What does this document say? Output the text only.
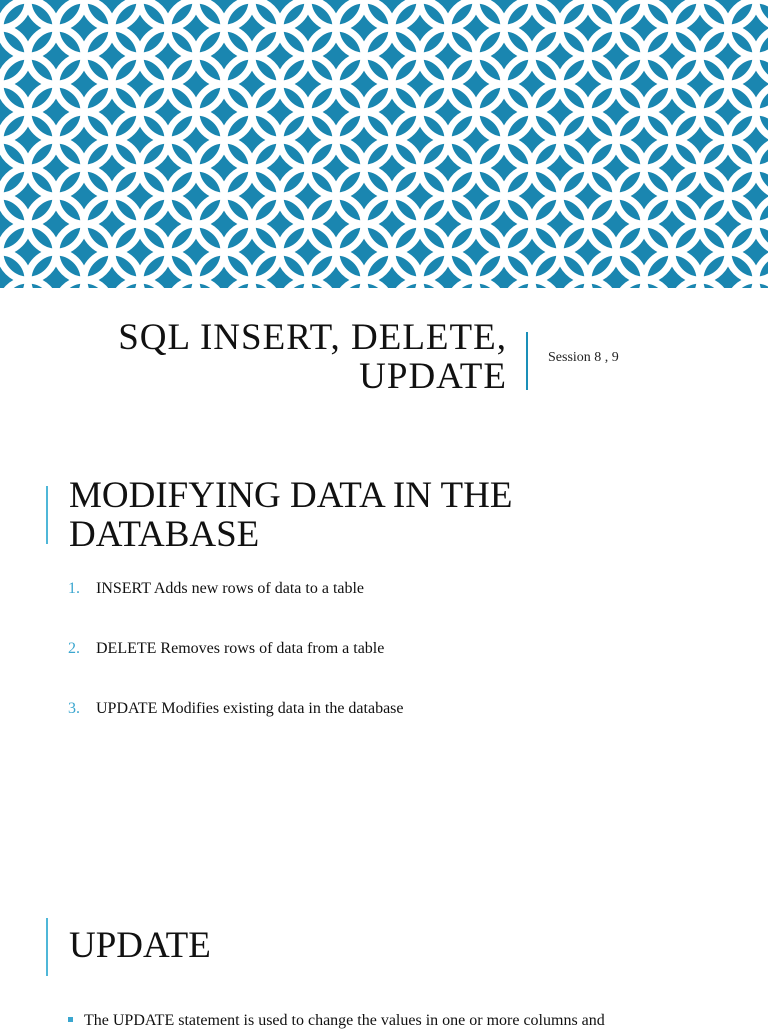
SQL INSERT, DELETE, UPDATE	Session 8 , 9
MODIFYING DATA IN THE DATABASE
1.	INSERT Adds new rows of data to a table
2.	DELETE Removes rows of data from a table
3.	UPDATE Modifies existing data in the database
UPDATE
The UPDATE statement is used to change the values in one or more columns and
